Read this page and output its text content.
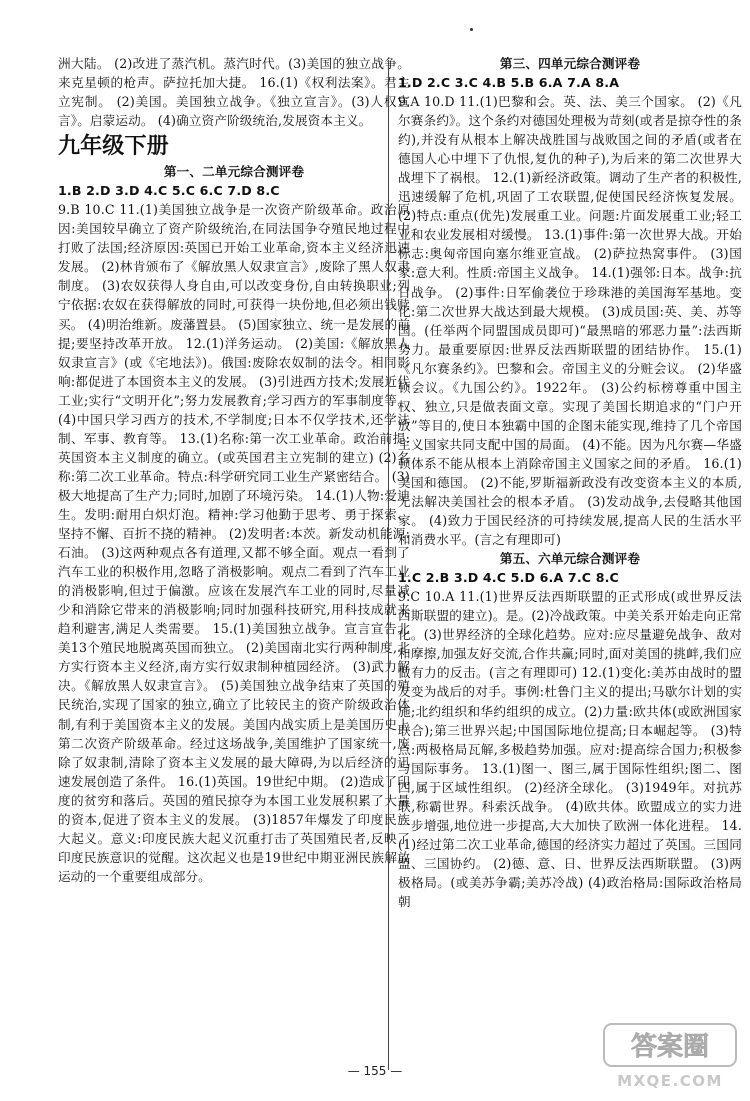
洲大陆。 (2)改进了蒸汽机。蒸汽时代。(3)美国的独立战争。来克星顿的枪声。萨拉托加大捷。 16.(1)《权利法案》。君主立宪制。 (2)美国。美国独立战争。《独立宣言》。(3)人权宣言》。启蒙运动。 (4)确立资产阶级统治,发展资本主义。

九年级下册
第一、二单元综合测评卷
1.B 2.D 3.D 4.C 5.C 6.C 7.D 8.C

9.B 10.C 11.(1)美国独立战争是一次资产阶级革命。政治原因:美国较早确立了资产阶级统治,在同法国争夺殖民地过程中打败了法国;经济原因:英国已开始工业革命,资本主义经济迅速发展。 (2)林肯颁布了《解放黑人奴隶宣言》,废除了黑人奴隶制度。 (3)农奴获得人身自由,可以改变身份,自由转换职业;列宁依据:农奴在获得解放的同时,可获得一块份地,但必须出钱赎买。 (4)明治维新。废藩置县。 (5)国家独立、统一是发展的前提;要坚持改革开放。 12.(1)洋务运动。 (2)美国:《解放黑人奴隶宣言》(或《宅地法》)。俄国:废除农奴制的法令。相同影响:都促进了本国资本主义的发展。 (3)引进西方技术;发展近代工业;实行“文明开化”;努力发展教育;学习西方的军事制度等。 (4)中国只学习西方的技术,不学制度;日本不仅学技术,还学法制、军事、教育等。 13.(1)名称:第一次工业革命。政治前提:英国资本主义制度的确立。(或英国君主立宪制的建立) (2)名称:第二次工业革命。特点:科学研究同工业生产紧密结合。 (3)极大地提高了生产力;同时,加剧了环境污染。 14.(1)人物:爱迪生。发明:耐用白炽灯泡。精神:学习他勤于思考、勇于探索、坚持不懈、百折不挠的精神。 (2)发明者:本茨。新发动机能源:石油。 (3)这两种观点各有道理,又都不够全面。观点一看到了汽车工业的积极作用,忽略了消极影响。观点二看到了汽车工业的消极影响,但过于偏激。应该在发展汽车工业的同时,尽量减少和消除它带来的消极影响;同时加强科技研究,用科技成就来趋利避害,满足人类需要。 15.(1)美国独立战争。宣言宣告北美13个殖民地脱离英国而独立。 (2)美国南北实行两种制度,北方实行资本主义经济,南方实行奴隶制种植园经济。 (3)武力解决。《解放黑人奴隶宣言》。 (5)美国独立战争结束了英国的殖民统治,实现了国家的独立,确立了比较民主的资产阶级政治体制,有利于美国资本主义的发展。美国内战实质上是美国历史上第二次资产阶级革命。经过这场战争,美国维护了国家统一,废除了奴隶制,清除了资本主义发展的最大障碍,为以后经济的迅速发展创造了条件。 16.(1)英国。19世纪中期。 (2)造成了印度的贫穷和落后。英国的殖民掠夺为本国工业发展积累了大量的资本,促进了资本主义的发展。 (3)1857年爆发了印度民族大起义。意义:印度民族大起义沉重打击了英国殖民者,反映了印度民族意识的觉醒。这次起义也是19世纪中期亚洲民族解放运动的一个重要组成部分。

第三、四单元综合测评卷
1.D 2.C 3.C 4.B 5.B 6.A 7.A 8.A

9.A 10.D 11.(1)巴黎和会。英、法、美三个国家。 (2)《凡尔赛条约》。这个条约对德国处理极为苛刻(或者是掠夺性的条约),并没有从根本上解决战胜国与战败国之间的矛盾(或者在德国人心中埋下了仇恨,复仇的种子),为后来的第二次世界大战埋下了祸根。 12.(1)新经济政策。调动了生产者的积极性,迅速缓解了危机,巩固了工农联盟,促使国民经济恢复发展。 (2)特点:重点(优先)发展重工业。问题:片面发展重工业;轻工业和农业发展相对缓慢。 13.(1)事件:第一次世界大战。开始标志:奥匈帝国向塞尔维亚宣战。 (2)萨拉热窝事件。 (3)国家:意大利。性质:帝国主义战争。 14.(1)强邻:日本。战争:抗日战争。 (2)事件:日军偷袭位于珍珠港的美国海军基地。变化:第二次世界大战达到最大规模。 (3)成员国:英、美、苏等国。(任举两个同盟国成员即可)“最黑暗的邪恶力量”:法西斯势力。最重要原因:世界反法西斯联盟的团结协作。 15.(1)《凡尔赛条约》。巴黎和会。帝国主义的分赃会议。 (2)华盛顿会议。《九国公约》。1922年。 (3)公约标榜尊重中国主权、独立,只是做表面文章。实现了美国长期追求的“门户开放”等目的,使日本独霸中国的企图未能实现,维持了几个帝国主义国家共同支配中国的局面。 (4)不能。因为凡尔赛—华盛顿体系不能从根本上消除帝国主义国家之间的矛盾。 16.(1)美国和德国。 (2)不能,罗斯福新政没有改变资本主义的本质,无法解决美国社会的根本矛盾。 (3)发动战争,去侵略其他国家。 (4)致力于国民经济的可持续发展,提高人民的生活水平和消费水平。(言之有理即可)

第五、六单元综合测评卷
1.C 2.B 3.D 4.C 5.D 6.A 7.C 8.C

9.C 10.A 11.(1)世界反法西斯联盟的正式形成(或世界反法西斯联盟的建立)。是。(2)冷战政策。中美关系开始走向正常化。(3)世界经济的全球化趋势。应对:应尽量避免战争、敌对和摩擦,加强友好交流,合作共赢;同时,面对美国的挑衅,我们应做有力的反击。(言之有理即可) 12.(1)变化:美苏由战时的盟友变为战后的对手。事例:杜鲁门主义的提出;马歇尔计划的实施;北约组织和华约组织的成立。(2)力量:欧共体(或欧洲国家联合);第三世界兴起;中国国际地位提高;日本崛起等。 (3)特点:两极格局瓦解,多极趋势加强。应对:提高综合国力;积极参与国际事务。 13.(1)图一、图三,属于国际性组织;图二、图四,属于区域性组织。 (2)经济全球化。 (3)1949年。对抗苏联,称霸世界。科索沃战争。 (4)欧共体。欧盟成立的实力进一步增强,地位进一步提高,大大加快了欧洲一体化进程。 14.(1)经过第二次工业革命,德国的经济实力超过了英国。三国同盟、三国协约。 (2)德、意、日、世界反法西斯联盟。 (3)两极格局。(或美苏争霸;美苏冷战) (4)政治格局:国际政治格局朝

— 155 —
答案圈
MXQE.COM
